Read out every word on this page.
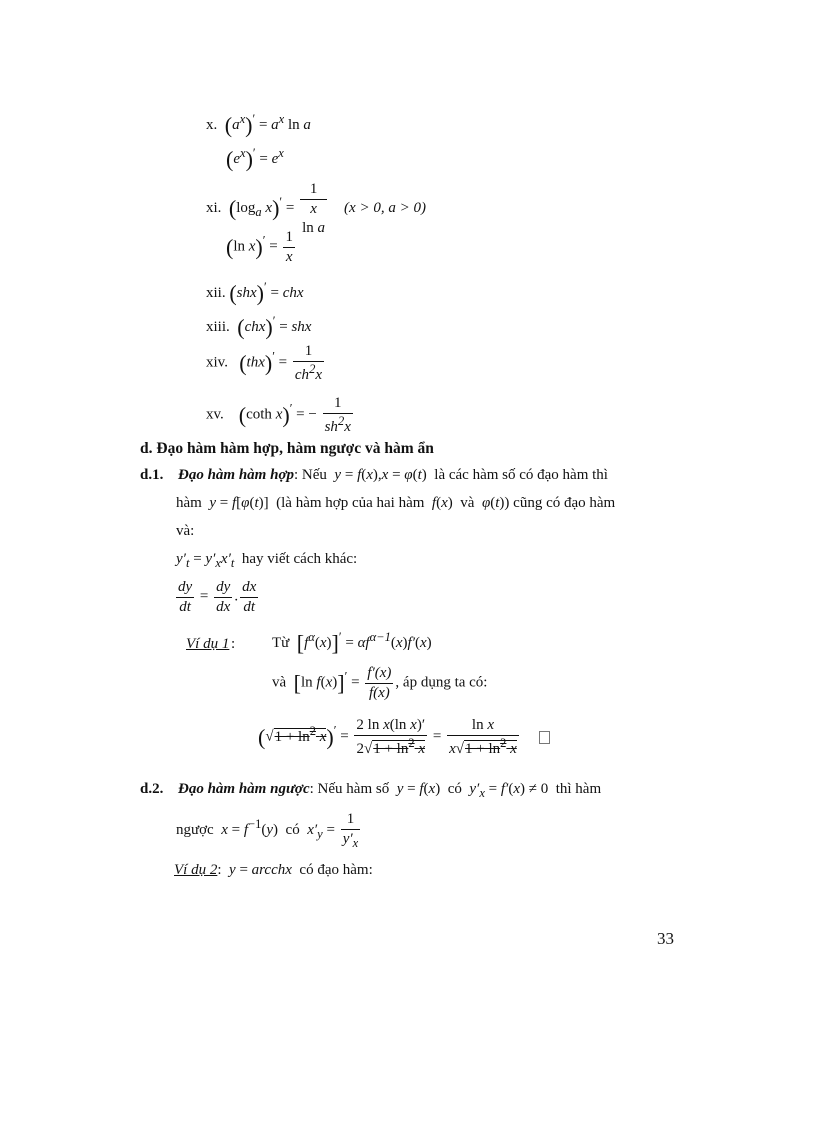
x. $(a^x)' = a^x$ ln a
$(e^x)' = e^x$
xi. ($\log_a$ x)′ =
1
x
ln a
(x > 0, a > 0)
(ln $x)' = \frac{1}{x}$
xii. (shx)′ = chx
xiii. (chx)′ = shx
xiv. $(thx)' = \frac{1}{ch^2x}$
xv. (coth x)′ = − $\frac{1}{sh^2x}$
d. Đạo hàm hàm hợp, hàm ngược và hàm ẩn
d.1. Đạo hàm hàm hợp: Nếu y = f(x),x = φ(t)  là các hàm số có đạo hàm thì
hàm y = f[φ(t)]  (là hàm hợp của hai hàm f(x)  và φ(t)) cũng có đạo hàm
và:
$y'_t = y'_xx'_t$ hay viết cách khác:
$\frac{dy}{dt} = \frac{dy}{dx}$ . $\frac{dx}{dt}$
Ví dụ 1 : Từ $[f^\alpha(x)]' = \alpha f^{\alpha-1}(x)f'(x)$
và [ln $f(x)]' = \frac{f'(x)}{f(x)}$ , áp dụng ta có:
$(√1 + \ln^2 x)' = \frac{\text{2 ln x(ln x)′}}{2√1 + \ln^2 x} = \frac{\text{ln x}}{x√1 + \ln^2 x}$

d.2. Đạo hàm hàm ngược: Nếu hàm số y = f(x)  có $y'_x = f'(x) \ne 0$  thì hàm
ngược $x = f^{-1}(y)$  có $x'_y = \frac{1}{y'_x}$
Ví dụ 2:  y = arcchx có đạo hàm:
33
